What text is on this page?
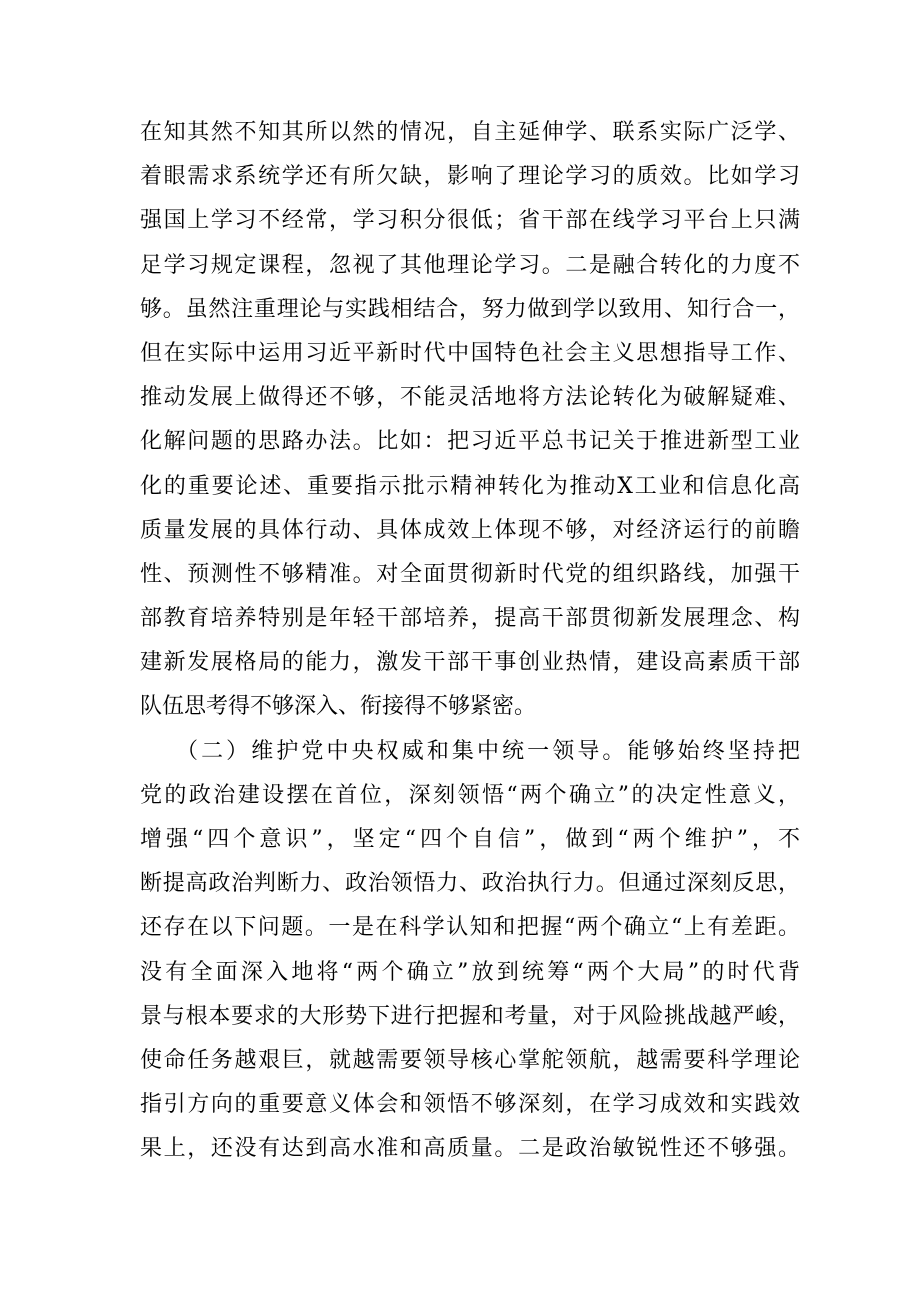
在知其然不知其所以然的情况，自主延伸学、联系实际广泛学、
着眼需求系统学还有所欠缺，影响了理论学习的质效。比如学习
强国上学习不经常，学习积分很低；省干部在线学习平台上只满
足学习规定课程，忽视了其他理论学习。二是融合转化的力度不
够。虽然注重理论与实践相结合，努力做到学以致用、知行合一，
但在实际中运用习近平新时代中国特色社会主义思想指导工作、
推动发展上做得还不够，不能灵活地将方法论转化为破解疑难、
化解问题的思路办法。比如：把习近平总书记关于推进新型工业
化的重要论述、重要指示批示精神转化为推动X工业和信息化高
质量发展的具体行动、具体成效上体现不够，对经济运行的前瞻
性、预测性不够精准。对全面贯彻新时代党的组织路线，加强干
部教育培养特别是年轻干部培养，提高干部贯彻新发展理念、构
建新发展格局的能力，激发干部干事创业热情，建设高素质干部
队伍思考得不够深入、衔接得不够紧密。
（二）维护党中央权威和集中统一领导。能够始终坚持把
党的政治建设摆在首位，深刻领悟“两个确立”的决定性意义，
增强“四个意识”，坚定“四个自信”，做到“两个维护”，不
断提高政治判断力、政治领悟力、政治执行力。但通过深刻反思，
还存在以下问题。一是在科学认知和把握“两个确立“上有差距。
没有全面深入地将“两个确立”放到统筹“两个大局”的时代背
景与根本要求的大形势下进行把握和考量，对于风险挑战越严峻，
使命任务越艰巨，就越需要领导核心掌舵领航，越需要科学理论
指引方向的重要意义体会和领悟不够深刻，在学习成效和实践效
果上，还没有达到高水准和高质量。二是政治敏锐性还不够强。
